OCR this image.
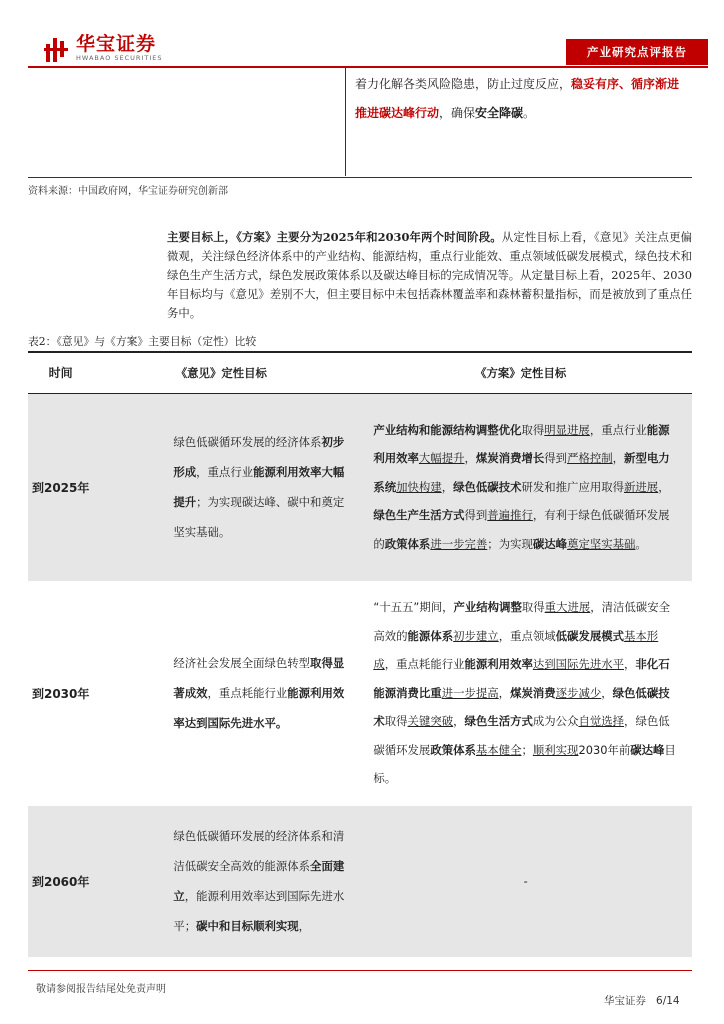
华宝证券
HWABAO SECURITIES	产业研究点评报告
着力化解各类风险隐患，防止过度反应，稳妥有序、循序渐进推进碳达峰行动，确保安全降碳。
资料来源：中国政府网，华宝证券研究创新部
主要目标上，《方案》主要分为2025年和2030年两个时间阶段。从定性目标上看，《意见》关注点更偏微观，关注绿色经济体系中的产业结构、能源结构，重点行业能效、重点领域低碳发展模式，绿色技术和绿色生产生活方式，绿色发展政策体系以及碳达峰目标的完成情况等。从定量目标上看，2025年、2030年目标均与《意见》差别不大，但主要目标中未包括森林覆盖率和森林蓄积量指标，而是被放到了重点任务中。
表2：《意见》与《方案》主要目标（定性）比较
时间	《意见》定性目标	《方案》定性目标
到2025年	绿色低碳循环发展的经济体系初步形成，重点行业能源利用效率大幅提升；为实现碳达峰、碳中和奠定坚实基础。	产业结构和能源结构调整优化取得明显进展，重点行业能源利用效率大幅提升，煤炭消费增长得到严格控制，新型电力系统加快构建，绿色低碳技术研发和推广应用取得新进展，绿色生产生活方式得到普遍推行，有利于绿色低碳循环发展的政策体系进一步完善；为实现碳达峰奠定坚实基础。

到2030年	经济社会发展全面绿色转型取得显著成效，重点耗能行业能源利用效率达到国际先进水平。	“十五五”期间，产业结构调整取得重大进展，清洁低碳安全高效的能源体系初步建立，重点领域低碳发展模式基本形成，重点耗能行业能源利用效率达到国际先进水平，非化石能源消费比重进一步提高，煤炭消费逐步减少，绿色低碳技术取得关键突破，绿色生活方式成为公众自觉选择，绿色低碳循环发展政策体系基本健全；顺利实现2030年前碳达峰目标。

到2060年	绿色低碳循环发展的经济体系和清洁低碳安全高效的能源体系全面建立，能源利用效率达到国际先进水平；碳中和目标顺利实现，	-
敬请参阅报告结尾处免责声明
华宝证券   6/14
